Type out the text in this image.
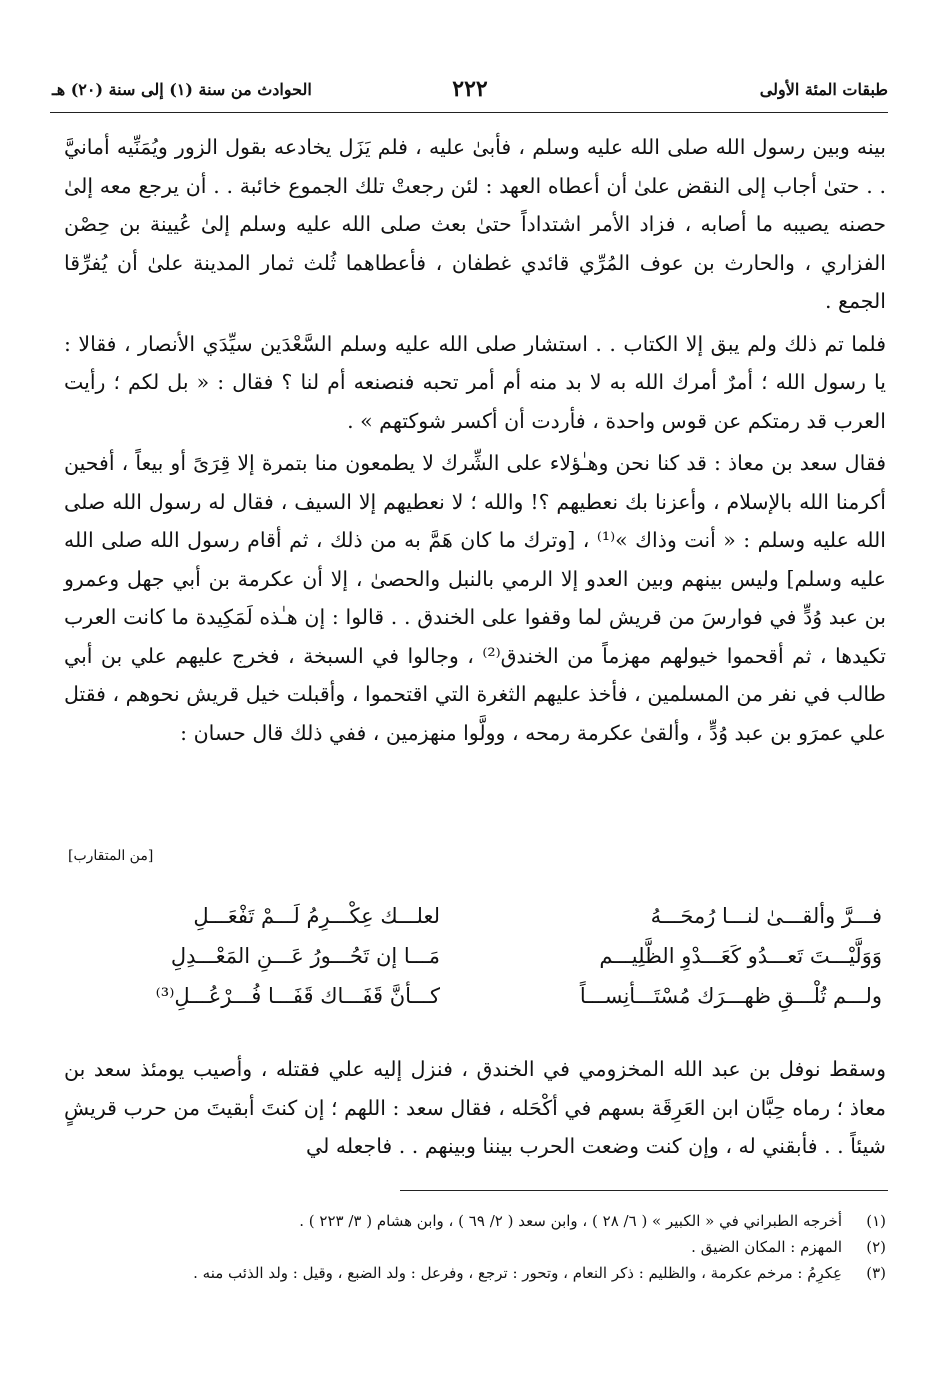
طبقات المئة الأولى
٢٢٢
الحوادث من سنة (١) إلى سنة (٢٠) هـ

بينه وبين رسول الله صلى الله عليه وسلم ، فأبىٰ عليه ، فلم يَزَل يخادعه بقول الزور ويُمَنِّيه أمانيَّ . . حتىٰ أجاب إلى النقض علىٰ أن أعطاه العهد : لئن رجعتْ تلك الجموع خائبة . . أن يرجع معه إلىٰ حصنه يصيبه ما أصابه ، فزاد الأمر اشتداداً حتىٰ بعث صلى الله عليه وسلم إلىٰ عُيينة بن حِصْن الفزاري ، والحارث بن عوف المُرِّي قائدي غطفان ، فأعطاهما ثُلث ثمار المدينة علىٰ أن يُفرِّقا الجمع .

فلما تم ذلك ولم يبق إلا الكتاب . . استشار صلى الله عليه وسلم السَّعْدَين سيِّدَي الأنصار ، فقالا : يا رسول الله ؛ أمرٌ أمرك الله به لا بد منه أم أمر تحبه فنصنعه أم لنا ؟ فقال : « بل لكم ؛ رأيت العرب قد رمتكم عن قوس واحدة ، فأردت أن أكسر شوكتهم » .

فقال سعد بن معاذ : قد كنا نحن وهـٰؤلاء على الشِّرك لا يطمعون منا بتمرة إلا قِرَىً أو بيعاً ، أفحين أكرمنا الله بالإسلام ، وأعزنا بك نعطيهم ؟! والله ؛ لا نعطيهم إلا السيف ، فقال له رسول الله صلى الله عليه وسلم : « أنت وذاك »⁽¹⁾ ، [وترك ما كان هَمَّ به من ذلك ، ثم أقام رسول الله صلى الله عليه وسلم] وليس بينهم وبين العدو إلا الرمي بالنبل والحصىٰ ، إلا أن عكرمة بن أبي جهل وعمرو بن عبد وُدٍّ في فوارسَ من قريش لما وقفوا على الخندق . . قالوا : إن هـٰذه لَمَكِيدة ما كانت العرب تكيدها ، ثم أقحموا خيولهم مهزماً من الخندق⁽²⁾ ، وجالوا في السبخة ، فخرج عليهم علي بن أبي طالب في نفر من المسلمين ، فأخذ عليهم الثغرة التي اقتحموا ، وأقبلت خيل قريش نحوهم ، فقتل علي عمرَو بن عبد وُدٍّ ، وألقىٰ عكرمة رمحه ، وولَّوا منهزمين ، ففي ذلك قال حسان :

[من المتقارب]
فـــرَّ وألقـــىٰ لنـــا رُمحَـــهُ
لعلـــك عِكْـــرِمُ لَـــمْ تَفْعَـــلِ
وَوَلَّيْـــتَ تَعـــدُو كَعَـــدْوِ الظَّلِيـــم
مَـــا إن تَحُـــورُ عَـــنِ المَعْـــدِلِ
ولـــم تُلْـــقِ ظهـــرَك مُسْتَـــأنِســـاً
كـــأنَّ قَفَـــاك قَفَـــا فُـــرْعُـــلِ⁽³⁾

وسقط نوفل بن عبد الله المخزومي في الخندق ، فنزل إليه علي فقتله ، وأصيب يومئذ سعد بن معاذ ؛ رماه حِبَّان ابن العَرِقَة بسهم في أكْحَله ، فقال سعد : اللهم ؛ إن كنتَ أبقيتَ من حرب قريشٍ شيئاً . . فأبقني له ، وإن كنت وضعت الحرب بيننا وبينهم . . فاجعله لي

(١)أخرجه الطبراني في « الكبير » ( ٦/ ٢٨ ) ، وابن سعد ( ٢/ ٦٩ ) ، وابن هشام ( ٣/ ٢٢٣ ) .
(٢)المهزم : المكان الضيق .
(٣)عِكرِمُ : مرخم عكرمة ، والظليم : ذكر النعام ، وتحور : ترجع ، وفرعل : ولد الضبع ، وقيل : ولد الذئب منه .
